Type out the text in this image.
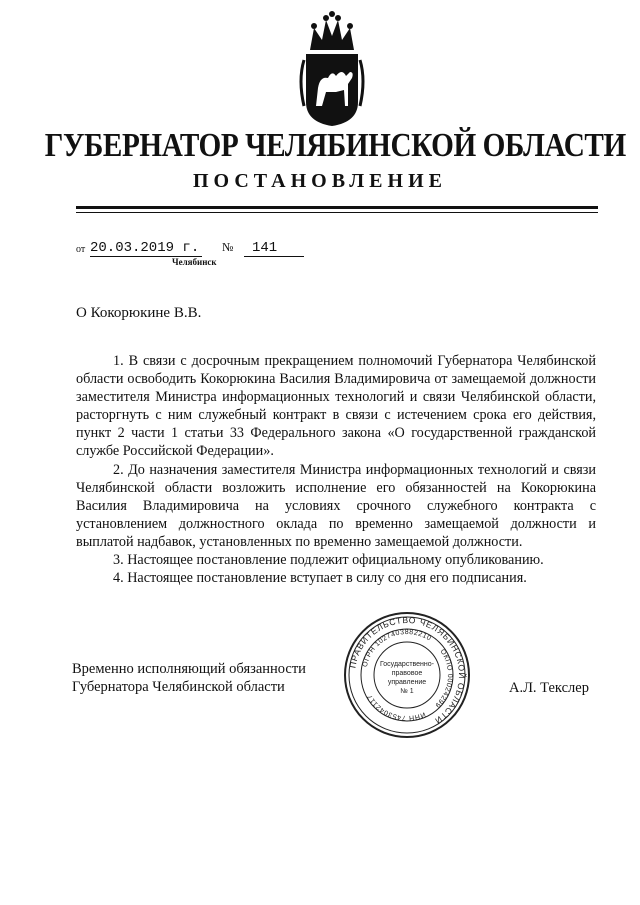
ГУБЕРНАТОР ЧЕЛЯБИНСКОЙ ОБЛАСТИ
ПОСТАНОВЛЕНИЕ
от 20.03.2019 г. №	141
Челябинск
О Кокорюкине В.В.

1. В связи с досрочным прекращением полномочий Губернатора Челябинской области освободить Кокорюкина Василия Владимировича от замещаемой должности заместителя Министра информационных технологий и связи Челябинской области, расторгнуть с ним служебный контракт в связи с истечением срока его действия, пункт 2 части 1 статьи 33 Федерального закона «О государственной гражданской службе Российской Федерации».

2. До назначения заместителя Министра информационных технологий и связи Челябинской области возложить исполнение его обязанностей на Кокорюкина Василия Владимировича на условиях срочного служебного контракта с установлением должностного оклада по временно замещаемой должности и выплатой надбавок, установленных по временно замещаемой должности.

3. Настоящее постановление подлежит официальному опубликованию.

4. Настоящее постановление вступает в силу со дня его подписания.

Временно исполняющий обязанности
Губернатора Челябинской области	А.Л. Текслер
ПРАВИТЕЛЬСТВО ЧЕЛЯБИНСКОЙ ОБЛАСТИ
ОГРН 1027403882210
ОКПО 00024299
ИНН 7453042117
Государственно-
правовое
управление
№ 1
